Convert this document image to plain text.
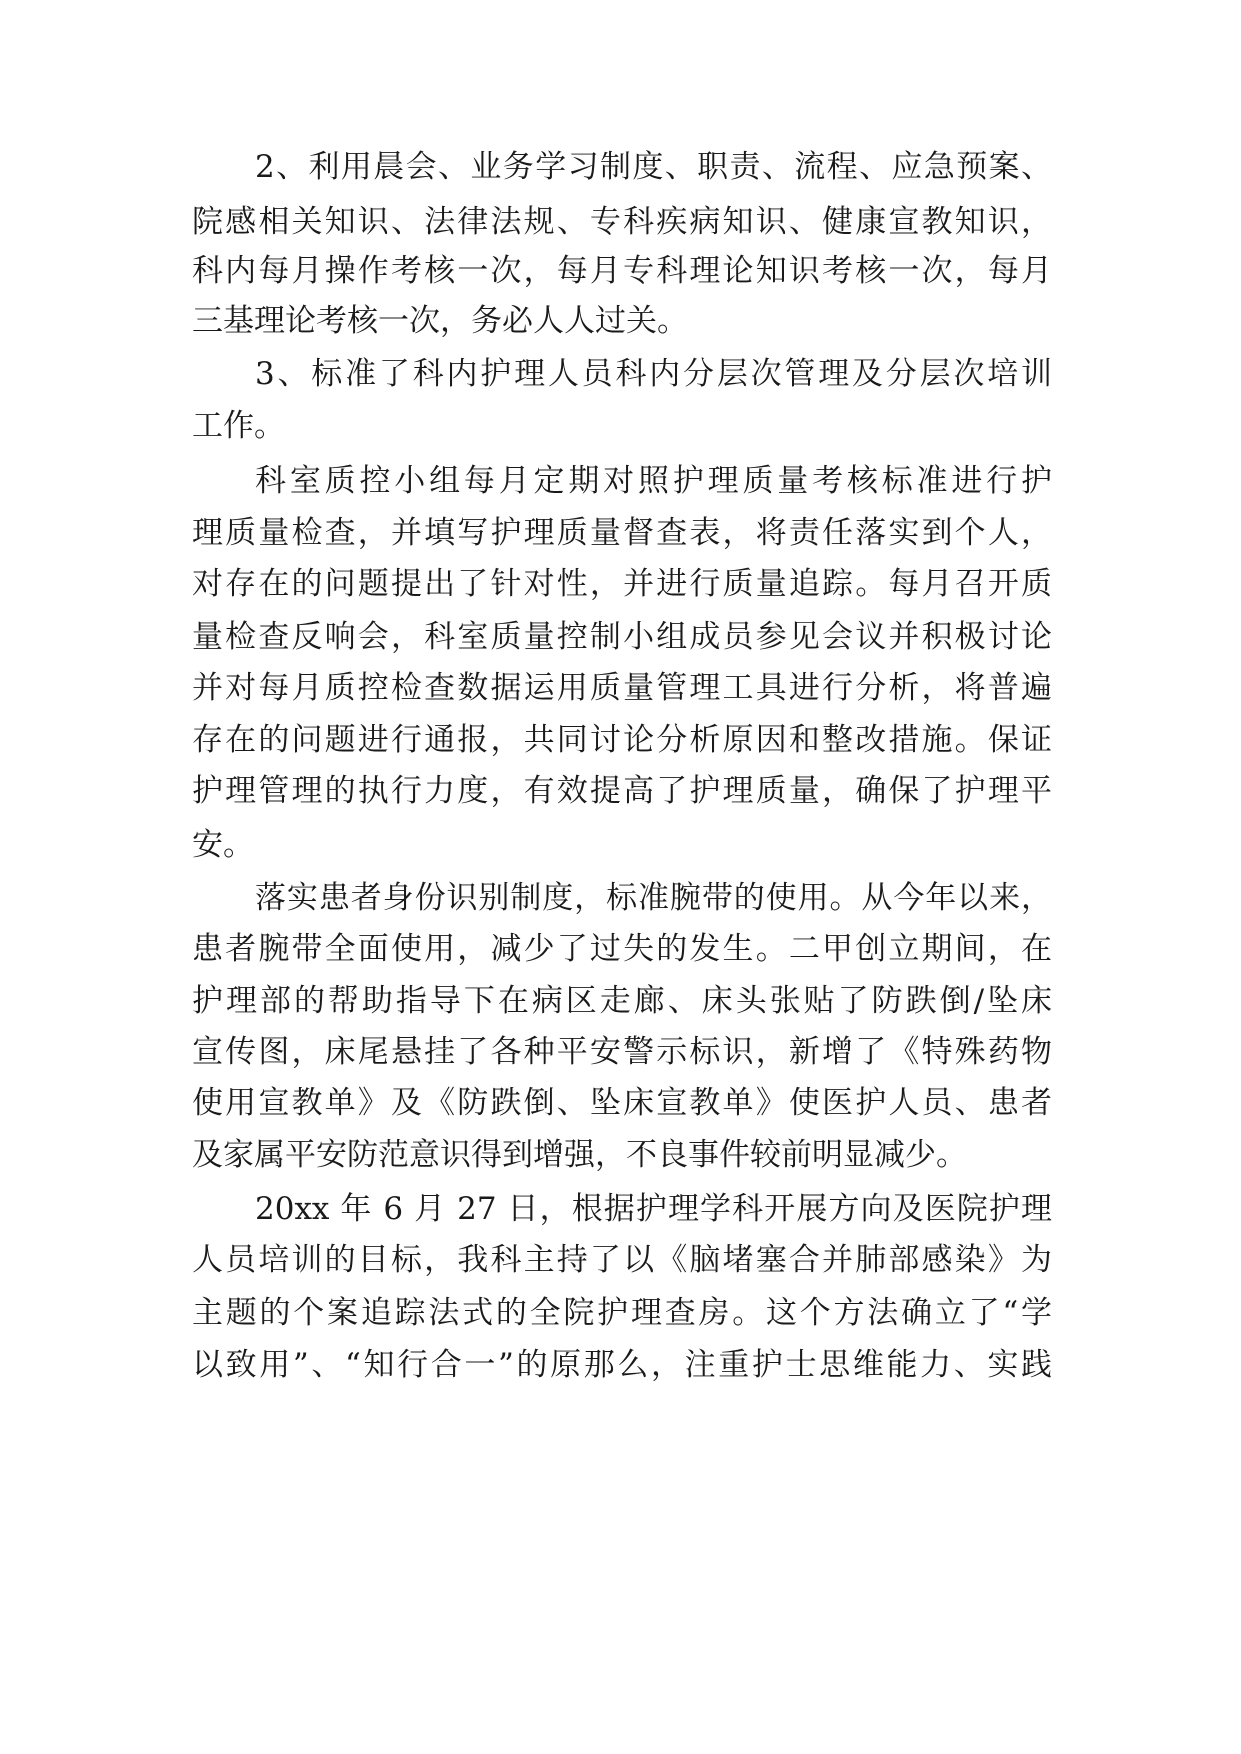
2、利用晨会、业务学习制度、职责、流程、应急预案、
院感相关知识、法律法规、专科疾病知识、健康宣教知识，
科内每月操作考核一次，每月专科理论知识考核一次，每月
三基理论考核一次，务必人人过关。
3、标准了科内护理人员科内分层次管理及分层次培训
工作。
科室质控小组每月定期对照护理质量考核标准进行护
理质量检查，并填写护理质量督查表，将责任落实到个人，
对存在的问题提出了针对性，并进行质量追踪。每月召开质
量检查反响会，科室质量控制小组成员参见会议并积极讨论
并对每月质控检查数据运用质量管理工具进行分析，将普遍
存在的问题进行通报，共同讨论分析原因和整改措施。保证
护理管理的执行力度，有效提高了护理质量，确保了护理平
安。
落实患者身份识别制度，标准腕带的使用。从今年以来，
患者腕带全面使用，减少了过失的发生。二甲创立期间，在
护理部的帮助指导下在病区走廊、床头张贴了防跌倒/坠床
宣传图，床尾悬挂了各种平安警示标识，新增了《特殊药物
使用宣教单》及《防跌倒、坠床宣教单》使医护人员、患者
及家属平安防范意识得到增强，不良事件较前明显减少。
20xx 年 6 月 27 日，根据护理学科开展方向及医院护理
人员培训的目标，我科主持了以《脑堵塞合并肺部感染》为
主题的个案追踪法式的全院护理查房。这个方法确立了“学
以致用”、“知行合一”的原那么，注重护士思维能力、实践
